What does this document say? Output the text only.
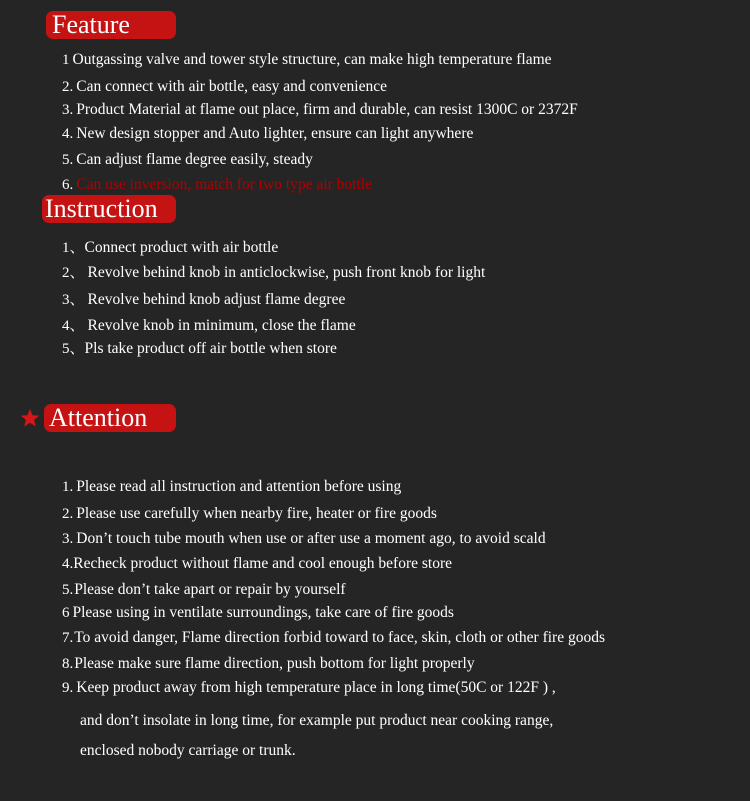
Feature
1 Outgassing valve and tower style structure, can make high temperature flame
2. Can connect with air bottle, easy and convenience
3. Product Material at flame out place, firm and durable, can resist 1300C or 2372F
4. New design stopper and Auto lighter, ensure can light anywhere
5. Can adjust flame degree easily, steady
6. Can use inversion, match for two type air bottle
Instruction
1、Connect product with air bottle
2、 Revolve behind knob in anticlockwise, push front knob for light
3、 Revolve behind knob adjust flame degree
4、 Revolve knob in minimum, close the flame
5、Pls take product off air bottle when store
Attention
1. Please read all instruction and attention before using
2. Please use carefully when nearby fire, heater or fire goods
3. Don’t touch tube mouth when use or after use a moment ago, to avoid scald
4.Recheck product without flame and cool enough before store
5.Please don’t take apart or repair by yourself
6 Please using in ventilate surroundings, take care of fire goods
7.To avoid danger, Flame direction forbid toward to face, skin, cloth or other fire goods
8.Please make sure flame direction, push bottom for light properly
9. Keep product away from high temperature place in long time(50C or 122F ) ,
and don’t insolate in long time, for example put product near cooking range,
enclosed nobody carriage or trunk.
